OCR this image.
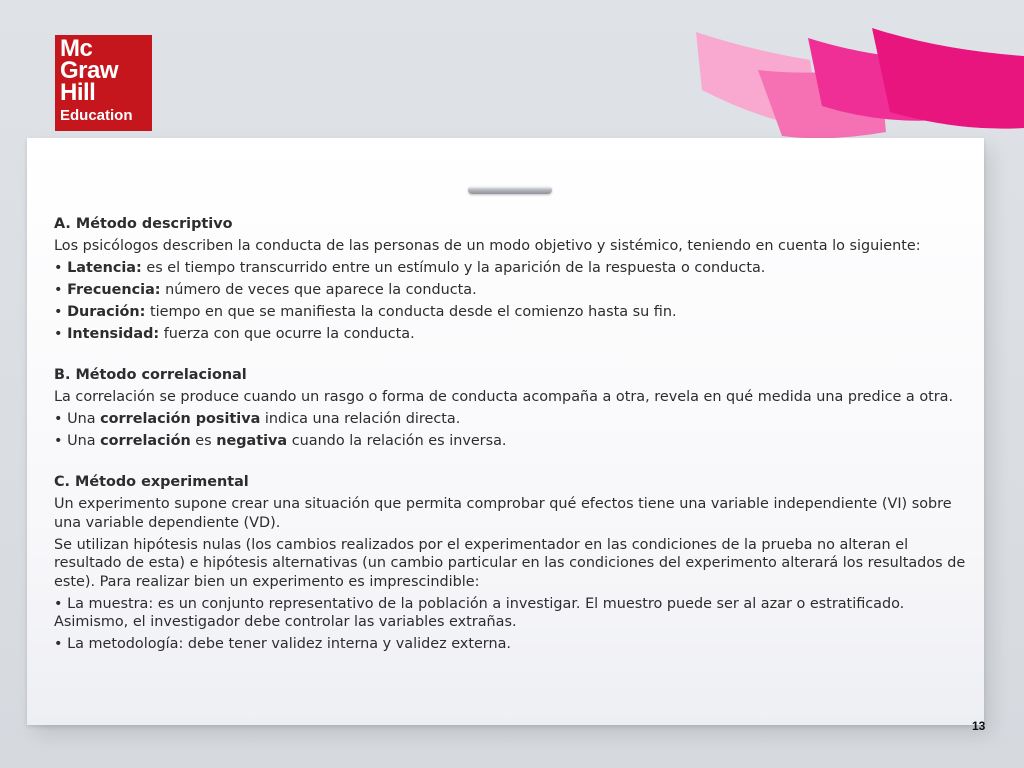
Mc
Graw
Hill
Education

A. Método descriptivo

Los psicólogos describen la conducta de las personas de un modo objetivo y sistémico, teniendo en cuenta lo siguiente:

• Latencia: es el tiempo transcurrido entre un estímulo y la aparición de la respuesta o conducta.

• Frecuencia: número de veces que aparece la conducta.

• Duración: tiempo en que se manifiesta la conducta desde el comienzo hasta su fin.

• Intensidad: fuerza con que ocurre la conducta.

B. Método correlacional

La correlación se produce cuando un rasgo o forma de conducta acompaña a otra, revela en qué medida una predice a otra.

• Una correlación positiva indica una relación directa.

• Una correlación es negativa cuando la relación es inversa.

C. Método experimental

Un experimento supone crear una situación que permita comprobar qué efectos tiene una variable independiente (VI) sobre una variable dependiente (VD).

Se utilizan hipótesis nulas (los cambios realizados por el experimentador en las condiciones de la prueba no alteran el resultado de esta) e hipótesis alternativas (un cambio particular en las condiciones del experimento alterará los resultados de este). Para realizar bien un experimento es imprescindible:

• La muestra: es un conjunto representativo de la población a investigar. El muestro puede ser al azar o estratificado. Asimismo, el investigador debe controlar las variables extrañas.

• La metodología: debe tener validez interna y validez externa.

13
